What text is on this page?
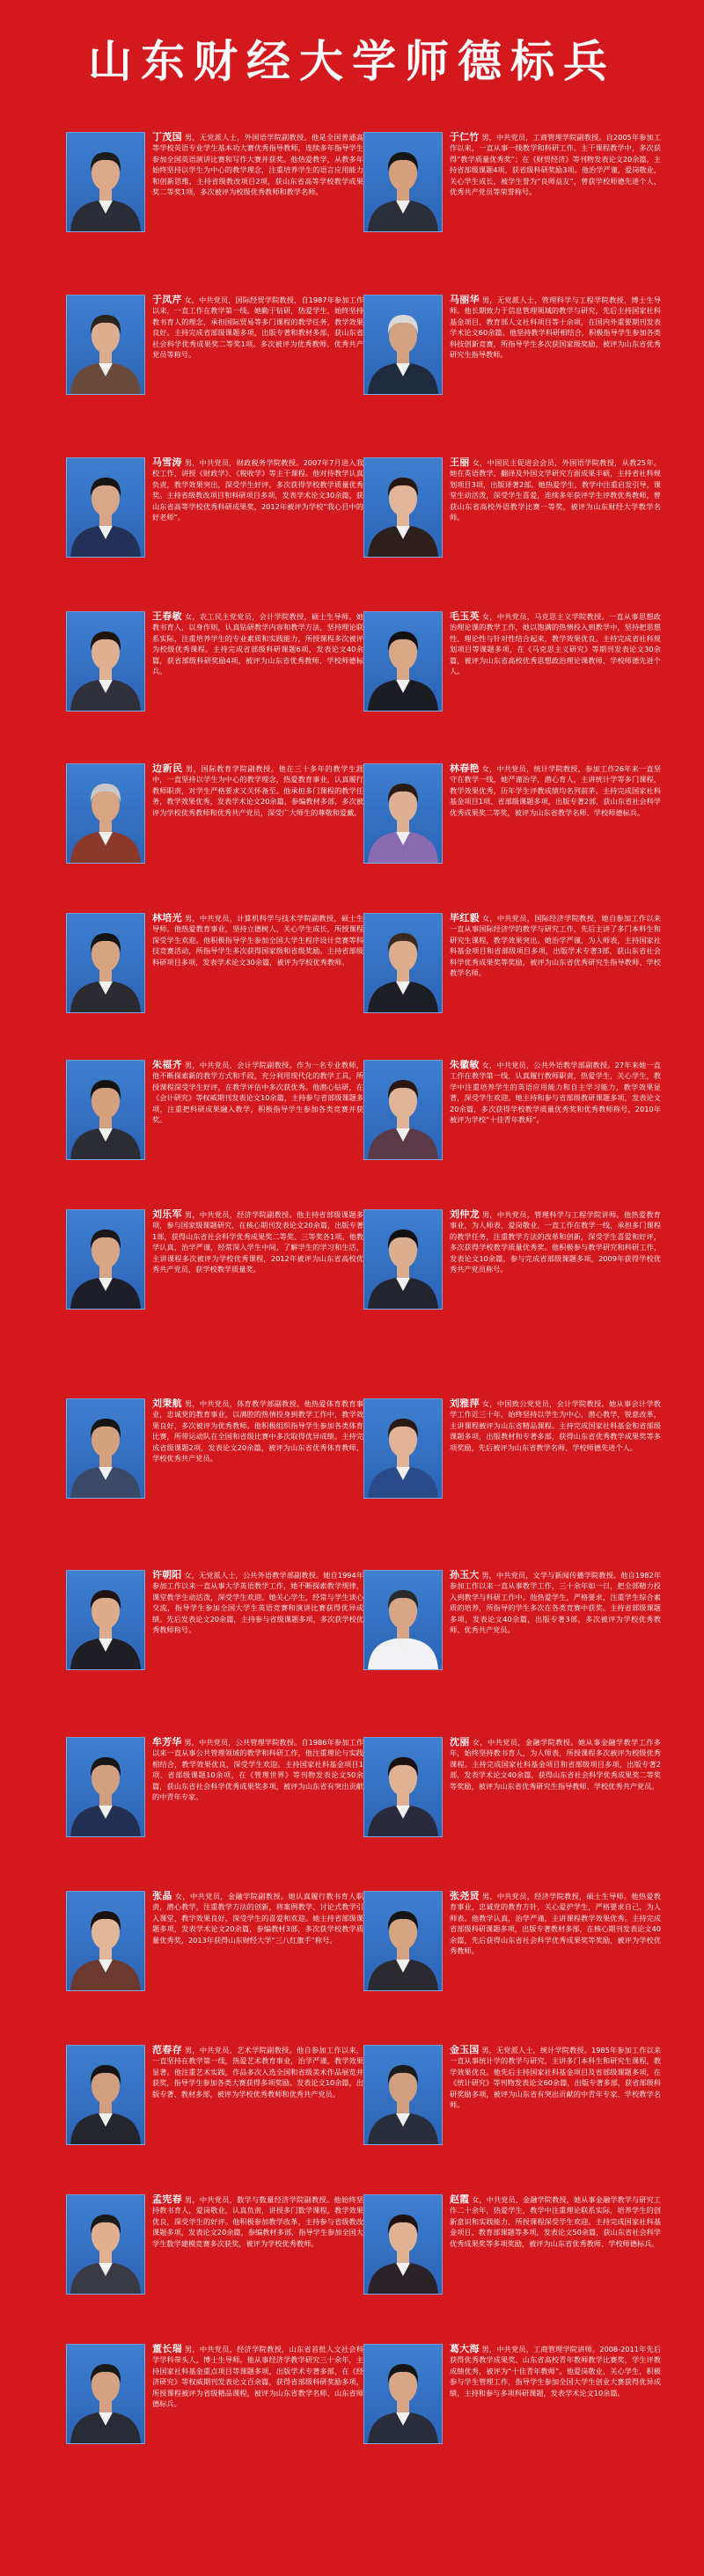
山东财经大学师德标兵
丁茂国 男，无党派人士，外国语学院副教授。他是全国普通高等学校英语专业学生基本功大赛优秀指导教师，连续多年指导学生参加全国英语演讲比赛和写作大赛并获奖。他热爱教学，从教多年始终坚持以学生为中心的教学理念，注重培养学生的语言应用能力和创新思维，主持省级教改项目2项，获山东省高等学校教学成果奖二等奖1项，多次被评为校级优秀教师和教学名师。
于仁竹 男，中共党员，工商管理学院副教授。自2005年参加工作以来，一直从事一线教学和科研工作。主干课程教学中，多次获得“教学质量优秀奖”；在《财贸经济》等刊物发表论文20余篇，主持省部级课题4项，获省级科研奖励3项。他治学严谨，爱岗敬业，关心学生成长，被学生誉为“良师益友”，曾获学校师德先进个人、优秀共产党员等荣誉称号。
于凤芹 女，中共党员，国际经贸学院教授，自1987年参加工作以来，一直工作在教学第一线。她勤于钻研，热爱学生，始终坚持教书育人的理念，承担国际贸易等多门课程的教学任务，教学效果良好。主持完成省部级课题多项，出版专著和教材多部，获山东省社会科学优秀成果奖二等奖1项。多次被评为优秀教师、优秀共产党员等称号。
马丽华 男，无党派人士，管理科学与工程学院教授，博士生导师。他长期致力于信息管理领域的教学与研究，先后主持国家社科基金项目、教育部人文社科项目等十余项，在国内外重要期刊发表学术论文60余篇。他坚持教学科研相结合，积极指导学生参加各类科技创新竞赛，所指导学生多次获国家级奖励，被评为山东省优秀研究生指导教师。
马雪涛 男，中共党员，财政税务学院教授。2007年7月进入我校工作，讲授《财政学》、《税收学》等主干课程。他对待教学认真负责，教学效果突出，深受学生好评，多次获得学校教学质量优秀奖。主持省级教改项目和科研项目多项，发表学术论文30余篇，获山东省高等学校优秀科研成果奖，2012年被评为学校“我心目中的好老师”。
王丽 女，中国民主促进会会员，外国语学院教授，从教25年。她在英语教学、翻译及外国文学研究方面成果丰硕，主持省社科规划项目3项，出版译著2部。她热爱学生，教学中注重启发引导，课堂生动活泼，深受学生喜爱，连续多年获评学生评教优秀教师，曾获山东省高校外语教学比赛一等奖，被评为山东财经大学教学名师。
王春敏 女，农工民主党党员，会计学院教授，硕士生导师。她教书育人，以身作则，认真钻研教学内容和教学方法，坚持理论联系实际，注重培养学生的专业素质和实践能力，所授课程多次被评为校级优秀课程。主持完成省部级科研课题6项，发表论文40余篇，获省部级科研奖励4项，被评为山东省优秀教师、学校师德标兵。
毛玉英 女，中共党员，马克思主义学院教授。一直从事思想政治理论课的教学工作，她以饱满的热情投入到教学中，坚持把思想性、理论性与针对性结合起来，教学效果优良。主持完成省社科规划项目等课题多项，在《马克思主义研究》等期刊发表论文30余篇，被评为山东省高校优秀思想政治理论课教师、学校师德先进个人。
边新民 男，国际教育学院副教授。他在三十多年的教学生涯中，一直坚持以学生为中心的教学理念，热爱教育事业，认真履行教师职责，对学生严格要求又关怀备至。他承担多门课程的教学任务，教学效果优秀，发表学术论文20余篇，参编教材多部，多次被评为学校优秀教师和优秀共产党员，深受广大师生的尊敬和爱戴。
林春艳 女，中共党员，统计学院教授，参加工作26年来一直坚守在教学一线，她严谨治学，潜心育人，主讲统计学等多门课程，教学效果优秀，历年学生评教成绩均名列前茅。主持完成国家社科基金项目1项、省部级课题多项，出版专著2部，获山东省社会科学优秀成果奖二等奖，被评为山东省教学名师、学校师德标兵。
林培光 男，中共党员，计算机科学与技术学院副教授，硕士生导师。他热爱教育事业，坚持立德树人，关心学生成长，所授课程深受学生欢迎。他积极指导学生参加全国大学生程序设计竞赛等科技竞赛活动，所指导学生多次获得国家级和省级奖励。主持省部级科研项目多项，发表学术论文30余篇，被评为学校优秀教师。
毕红毅 女，中共党员，国际经济学院教授，她自参加工作以来一直从事国际经济学的教学与研究工作，先后主讲了多门本科生和研究生课程，教学效果突出。她治学严谨，为人师表，主持国家社科基金项目和省部级项目多项，出版学术专著3部，获山东省社会科学优秀成果奖等奖励，被评为山东省优秀研究生指导教师、学校教学名师。
朱福齐 男，中共党员，会计学院副教授。作为一名专业教师，他不断探索新的教学方式和手段，充分利用现代化的教学工具，所授课程深受学生好评，在教学评估中多次获优秀。他潜心钻研，在《会计研究》等权威期刊发表论文10余篇，主持参与省部级课题多项，注重把科研成果融入教学，积极指导学生参加各类竞赛并获奖。
朱徽敏 女，中共党员，公共外语教学部副教授。27年来她一直工作在教学第一线，认真履行教师职责，热爱学生，关心学生，教学中注重培养学生的英语应用能力和自主学习能力，教学效果显著，深受学生欢迎。她主持和参与省部级教研课题多项，发表论文20余篇，多次获得学校教学质量优秀奖和优秀教师称号，2010年被评为学校“十佳青年教师”。
刘乐军 男，中共党员，经济学院副教授。他主持省部级课题多项，参与国家级课题研究，在核心期刊发表论文20余篇，出版专著1部，获得山东省社会科学优秀成果奖二等奖、三等奖各1项。他教学认真，治学严谨，经常深入学生中间，了解学生的学习和生活，主讲课程多次被评为学校优秀课程，2012年被评为山东省高校优秀共产党员，获学校教学质量奖。
刘仲龙 男，中共党员，管理科学与工程学院讲师。他热爱教育事业，为人师表，爱岗敬业，一直工作在教学一线，承担多门课程的教学任务，注重教学方法的改革和创新，深受学生喜爱和好评，多次获得学校教学质量优秀奖。他积极参与教学研究和科研工作，发表论文10余篇，参与完成省部级课题多项，2009年获得学校优秀共产党员称号。
刘秉航 男，中共党员，体育教学部副教授。他热爱体育教育事业，忠诚党的教育事业，以满腔的热情投身到教学工作中，教学效果良好，多次被评为优秀教师。他积极组织指导学生参加各类体育比赛，所带运动队在全国和省级比赛中多次取得优异成绩。主持完成省级课题2项，发表论文20余篇，被评为山东省优秀体育教师、学校优秀共产党员。
刘雅萍 女，中国致公党党员，会计学院教授。她从事会计学教学工作近三十年，始终坚持以学生为中心，潜心教学，锐意改革，主讲课程被评为山东省精品课程。主持完成国家社科基金和省部级课题多项，出版教材和专著多部，获得山东省优秀教学成果奖等多项奖励，先后被评为山东省教学名师、学校师德先进个人。
许朝阳 女，无党派人士，公共外语教学部副教授。她自1994年参加工作以来一直从事大学英语教学工作，她不断探索教学规律，课堂教学生动活泼，深受学生欢迎。她关心学生，经常与学生谈心交流，指导学生参加全国大学生英语竞赛和演讲比赛获得优异成绩。先后发表论文20余篇，主持参与省级课题多项，多次获学校优秀教师称号。
孙玉大 男，中共党员，文学与新闻传播学院教授。他自1982年参加工作以来一直从事教学工作，三十余年如一日，把全部精力投入到教学与科研工作中。他热爱学生，严格要求，注重学生综合素质的培养，所指导的学生多次在各类竞赛中获奖。主持省部级课题多项，发表论文40余篇，出版专著3部，多次被评为学校优秀教师、优秀共产党员。
牟芳华 男，中共党员，公共管理学院教授。自1986年参加工作以来一直从事公共管理领域的教学和科研工作，他注重理论与实践相结合，教学效果优良，深受学生欢迎。主持国家社科基金项目1项、省部级课题10余项，在《管理世界》等刊物发表论文50余篇，获山东省社会科学优秀成果奖多项，被评为山东省有突出贡献的中青年专家。
沈丽 女，中共党员，金融学院教授。她从事金融学教学工作多年，始终坚持教书育人，为人师表，所授课程多次被评为校级优秀课程。主持完成国家社科基金项目和省部级项目多项，出版专著2部，发表学术论文40余篇，获得山东省社会科学优秀成果奖二等奖等奖励，被评为山东省优秀研究生指导教师、学校优秀共产党员。
张晶 女，中共党员，金融学院副教授。她认真履行教书育人职责，潜心教学，注重教学方法的创新，将案例教学、讨论式教学引入课堂，教学效果良好，深受学生的喜爱和欢迎。她主持省部级课题多项，发表学术论文20余篇，参编教材3部，多次获学校教学质量优秀奖，2013年获得山东财经大学“三八红旗手”称号。
张尧贤 男，中共党员，经济学院教授，硕士生导师。他热爱教育事业，忠诚党的教育方针，关心爱护学生，严格要求自己，为人师表。他教学认真，治学严谨，主讲课程教学效果优秀。主持完成省部级科研课题多项，出版专著教材多部，在核心期刊发表论文40余篇，先后获得山东省社会科学优秀成果奖等奖励，被评为学校优秀教师。
范春存 男，中共党员，艺术学院副教授。他自参加工作以来，一直坚持在教学第一线，热爱艺术教育事业，治学严谨，教学效果显著。他注重艺术实践，作品多次入选全国和省级美术作品展览并获奖，指导学生参加各类大赛获得多项奖励。发表论文10余篇，出版专著、教材多部，被评为学校优秀教师和优秀共产党员。
金玉国 男，无党派人士，统计学院教授。1985年参加工作以来一直从事统计学的教学与研究，主讲多门本科生和研究生课程，教学效果优良。他先后主持国家社科基金项目及省部级课题多项，在《统计研究》等刊物发表论文60余篇，出版专著多部，获省部级科研奖励多项，被评为山东省有突出贡献的中青年专家、学校教学名师。
孟宪春 男，中共党员，数学与数量经济学院副教授。他始终坚持教书育人，爱岗敬业，认真负责，讲授多门数学课程，教学效果优良，深受学生的好评。他积极参加教学改革，主持参与省级教改课题多项，发表论文20余篇，参编教材多部，指导学生参加全国大学生数学建模竞赛多次获奖，被评为学校优秀教师。
赵霞 女，中共党员，金融学院教授，她从事金融学教学与研究工作二十余年，热爱学生，教学中注重理论联系实际，培养学生的创新意识和实践能力，所授课程深受学生欢迎。主持完成国家社科基金项目、教育部课题等多项，发表论文50余篇，获山东省社会科学优秀成果奖等多项奖励，被评为山东省优秀教师、学校师德标兵。
董长瑞 男，中共党员，经济学院教授，山东省首批人文社会科学学科带头人，博士生导师。他从事经济学教学研究三十余年，主持国家社科基金重点项目等课题多项，出版学术专著多部，在《经济研究》等权威期刊发表论文百余篇，获得省部级科研奖励多项，所授课程被评为省级精品课程，被评为山东省教学名师、山东省师德标兵。
葛大海 男，中共党员，工商管理学院讲师。2008-2011年先后获得优秀教学成果奖、山东省高校青年教师教学比赛奖，学生评教成绩优秀，被评为“十佳青年教师”。他爱岗敬业，关心学生，积极参与学生管理工作，指导学生参加全国大学生创业大赛获得优异成绩，主持和参与多项科研课题，发表学术论文10余篇。
